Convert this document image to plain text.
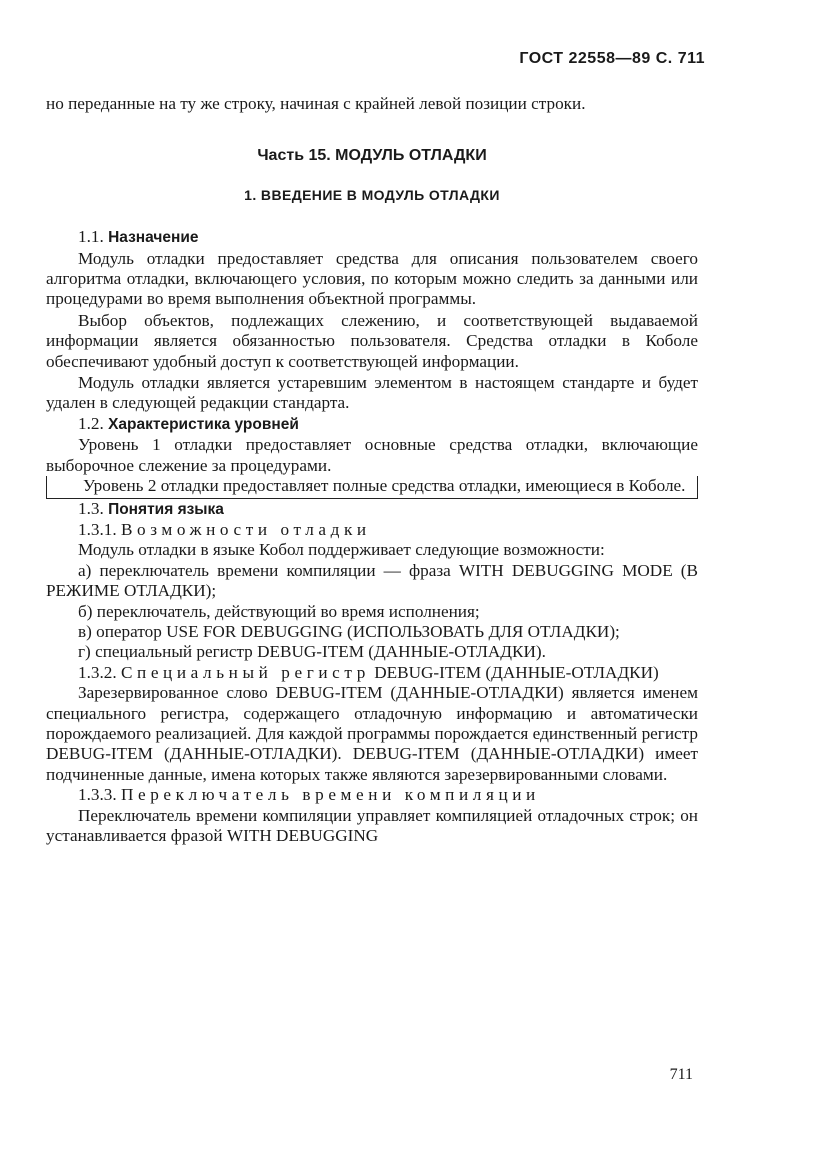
ГОСТ 22558—89 С. 711

но переданные на ту же строку, начиная с крайней левой позиции строки.

Часть 15. МОДУЛЬ ОТЛАДКИ
1. ВВЕДЕНИЕ В МОДУЛЬ ОТЛАДКИ

1.1. Назначение

Модуль отладки предоставляет средства для описания пользователем своего алгоритма отладки, включающего условия, по которым можно следить за данными или процедурами во время выполнения объектной программы.

Выбор объектов, подлежащих слежению, и соответствующей выдаваемой информации является обязанностью пользователя. Средства отладки в Коболе обеспечивают удобный доступ к соответствующей информации.

Модуль отладки является устаревшим элементом в настоящем стандарте и будет удален в следующей редакции стандарта.

1.2. Характеристика уровней

Уровень 1 отладки предоставляет основные средства отладки, включающие выборочное слежение за процедурами.

Уровень 2 отладки предоставляет полные средства отладки, имеющиеся в Коболе.

1.3. Понятия языка

1.3.1. Возможности отладки

Модуль отладки в языке Кобол поддерживает следующие возможности:

а) переключатель времени компиляции — фраза WITH DEBUGGING MODE (В РЕЖИМЕ ОТЛАДКИ);

б) переключатель, действующий во время исполнения;

в) оператор USE FOR DEBUGGING (ИСПОЛЬЗОВАТЬ ДЛЯ ОТЛАДКИ);

г) специальный регистр DEBUG-ITEM (ДАННЫЕ-ОТЛАДКИ).

1.3.2. Специальный регистр DEBUG-ITEM (ДАННЫЕ-ОТЛАДКИ)

Зарезервированное слово DEBUG-ITEM (ДАННЫЕ-ОТЛАДКИ) является именем специального регистра, содержащего отладочную информацию и автоматически порождаемого реализацией. Для каждой программы порождается единственный регистр DEBUG-ITEM (ДАННЫЕ-ОТЛАДКИ). DEBUG-ITEM (ДАННЫЕ-ОТЛАДКИ) имеет подчиненные данные, имена которых также являются зарезервированными словами.

1.3.3. Переключатель времени компиляции

Переключатель времени компиляции управляет компиляцией отладочных строк; он устанавливается фразой WITH DEBUGGING

711
